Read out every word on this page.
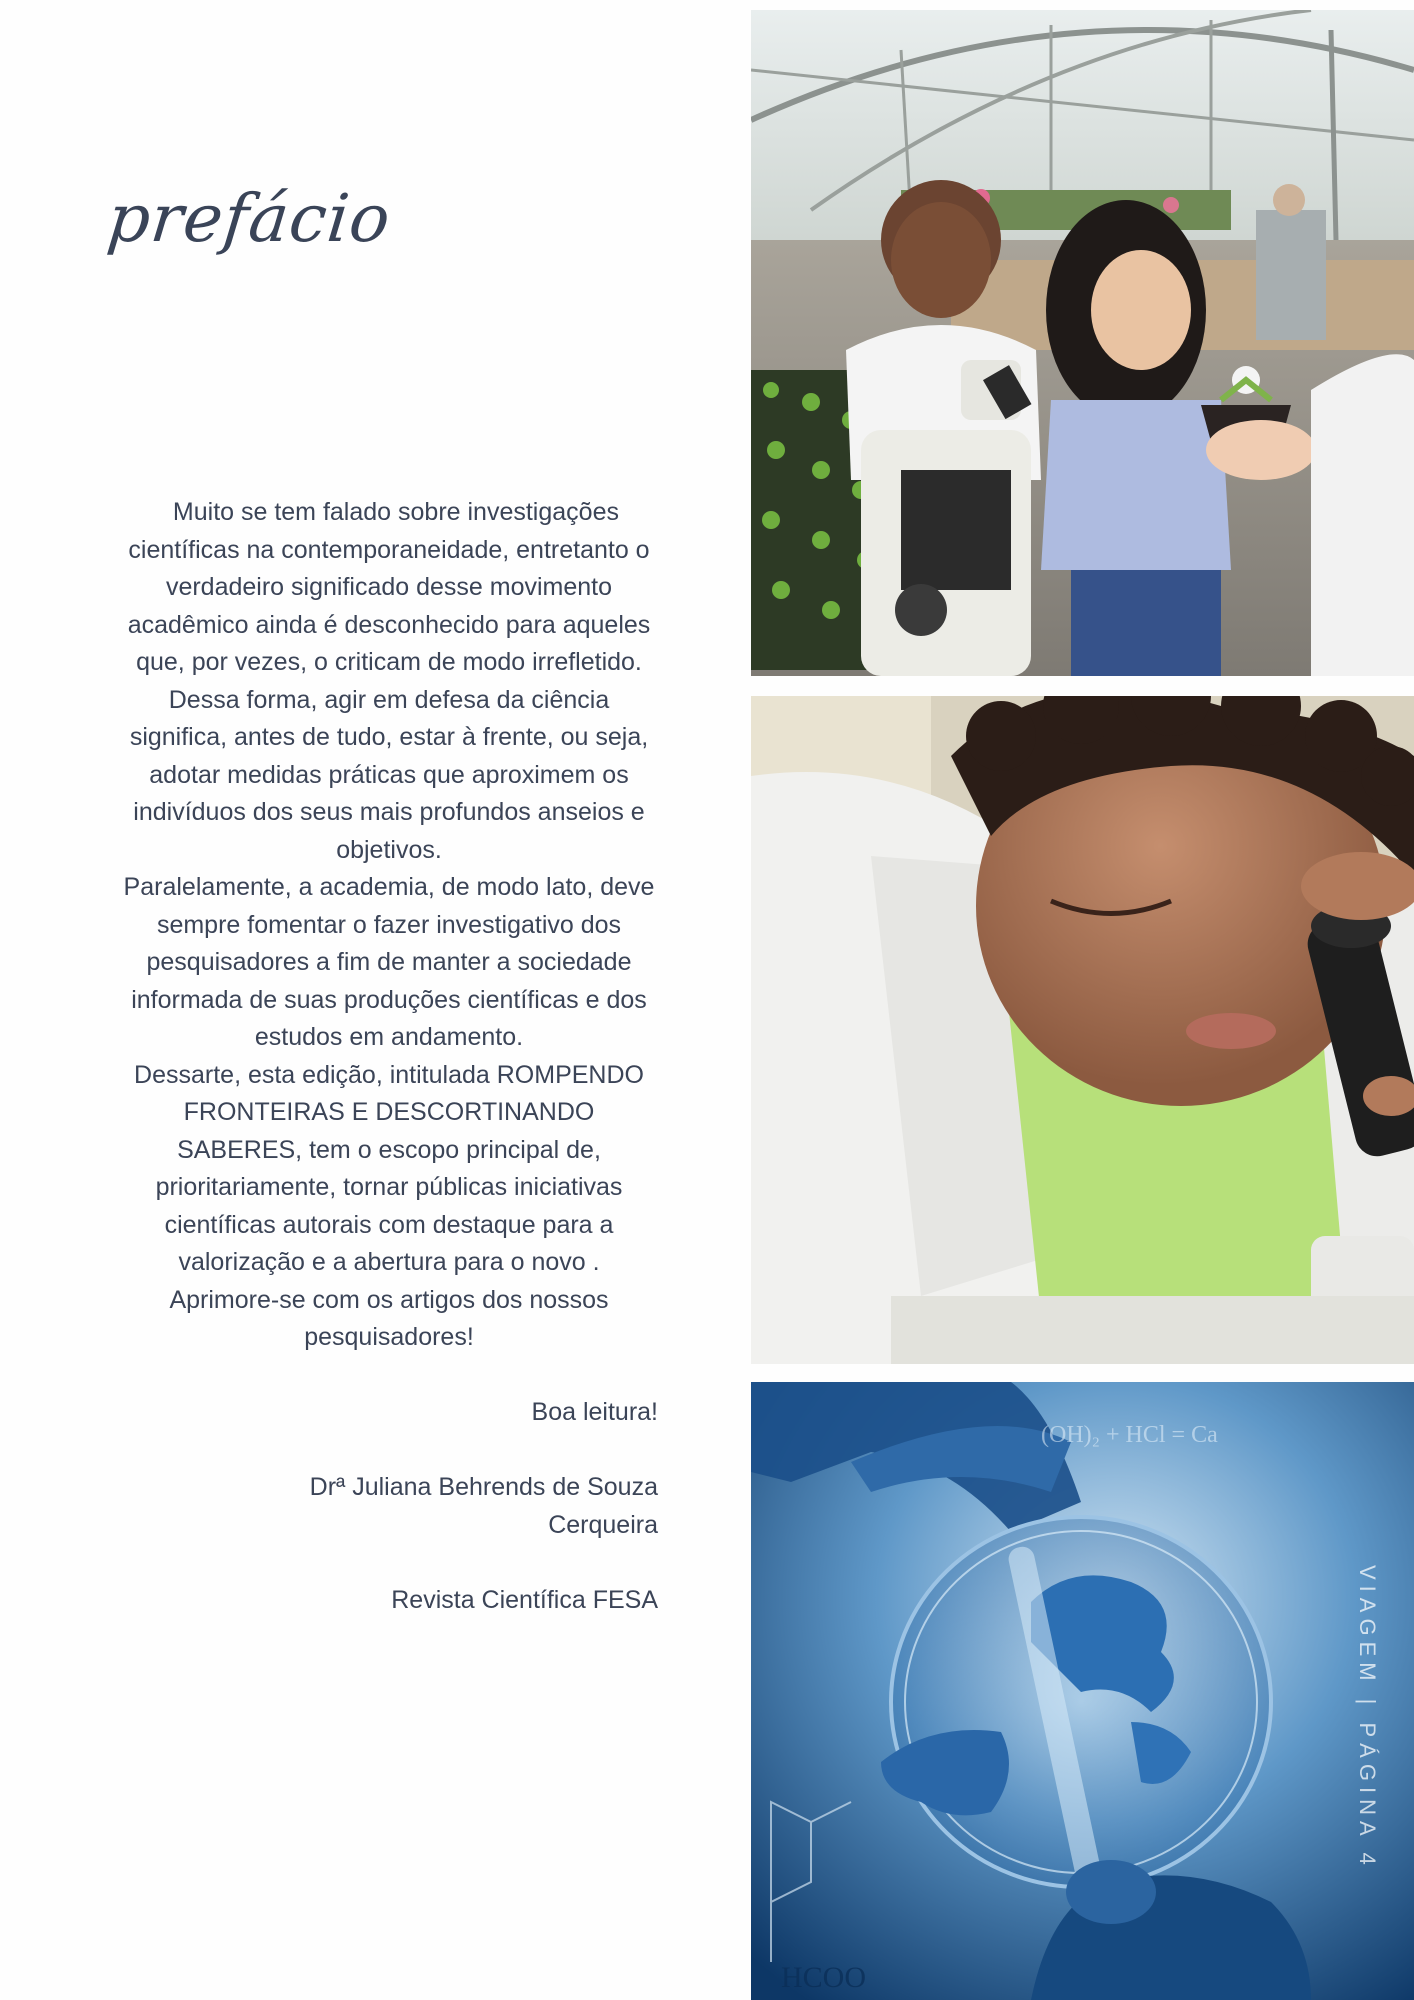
prefácio

Muito se tem falado sobre investigações científicas na contemporaneidade, entretanto o verdadeiro significado desse movimento acadêmico ainda é desconhecido para aqueles que, por vezes, o criticam de modo irrefletido.

Dessa forma, agir em defesa da ciência significa, antes de tudo, estar à frente, ou seja, adotar medidas práticas que aproximem os indivíduos dos seus mais profundos anseios e objetivos.

Paralelamente, a academia, de modo lato, deve sempre fomentar o fazer investigativo dos pesquisadores a fim de manter a sociedade informada de suas produções científicas e dos estudos em andamento.

Dessarte, esta edição, intitulada ROMPENDO FRONTEIRAS E DESCORTINANDO SABERES, tem o escopo principal de, prioritariamente, tornar públicas iniciativas científicas autorais com destaque para a valorização e a abertura para o novo .

Aprimore-se com os artigos dos nossos pesquisadores!

Boa leitura!

Drª Juliana Behrends de Souza Cerqueira

Revista Científica FESA

HCOO
(OH)₂ + HCl = Ca
VIAGEM | PÁGINA 4
